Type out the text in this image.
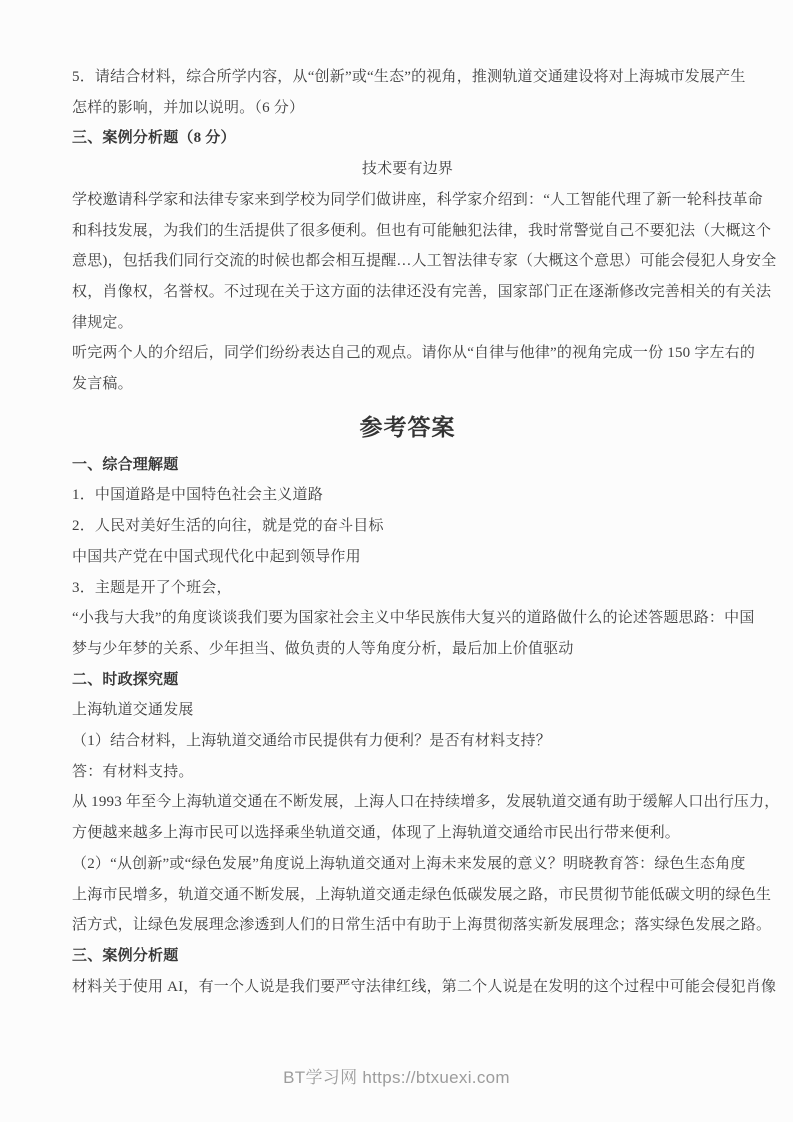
5．请结合材料，综合所学内容，从“创新”或“生态”的视角，推测轨道交通建设将对上海城市发展产生
怎样的影响，并加以说明。（6 分）
三、案例分析题（8 分）
技术要有边界
学校邀请科学家和法律专家来到学校为同学们做讲座，科学家介绍到：“人工智能代理了新一轮科技革命
和科技发展，为我们的生活提供了很多便利。但也有可能触犯法律，我时常警觉自己不要犯法（大概这个
意思)，包括我们同行交流的时候也都会相互提醒…人工智法律专家（大概这个意思）可能会侵犯人身安全
权，肖像权，名誉权。不过现在关于这方面的法律还没有完善，国家部门正在逐渐修改完善相关的有关法
律规定。
听完两个人的介绍后，同学们纷纷表达自己的观点。请你从“自律与他律”的视角完成一份 150 字左右的
发言稿。
参考答案
一、综合理解题
1．中国道路是中国特色社会主义道路
2．人民对美好生活的向往，就是党的奋斗目标
中国共产党在中国式现代化中起到领导作用
3．主题是开了个班会，
“小我与大我”的角度谈谈我们要为国家社会主义中华民族伟大复兴的道路做什么的论述答题思路：中国
梦与少年梦的关系、少年担当、做负责的人等角度分析，最后加上价值驱动
二、时政探究题
上海轨道交通发展
（1）结合材料，上海轨道交通给市民提供有力便利？是否有材料支持？
答：有材料支持。
从 1993 年至今上海轨道交通在不断发展，上海人口在持续增多，发展轨道交通有助于缓解人口出行压力，
方便越来越多上海市民可以选择乘坐轨道交通，体现了上海轨道交通给市民出行带来便利。
（2）“从创新”或“绿色发展”角度说上海轨道交通对上海未来发展的意义？明晓教育答：绿色生态角度
上海市民增多，轨道交通不断发展，上海轨道交通走绿色低碳发展之路，市民贯彻节能低碳文明的绿色生
活方式，让绿色发展理念渗透到人们的日常生活中有助于上海贯彻落实新发展理念；落实绿色发展之路。
三、案例分析题
材料关于使用 AI，有一个人说是我们要严守法律红线，第二个人说是在发明的这个过程中可能会侵犯肖像
BT学习网 https://btxuexi.com
